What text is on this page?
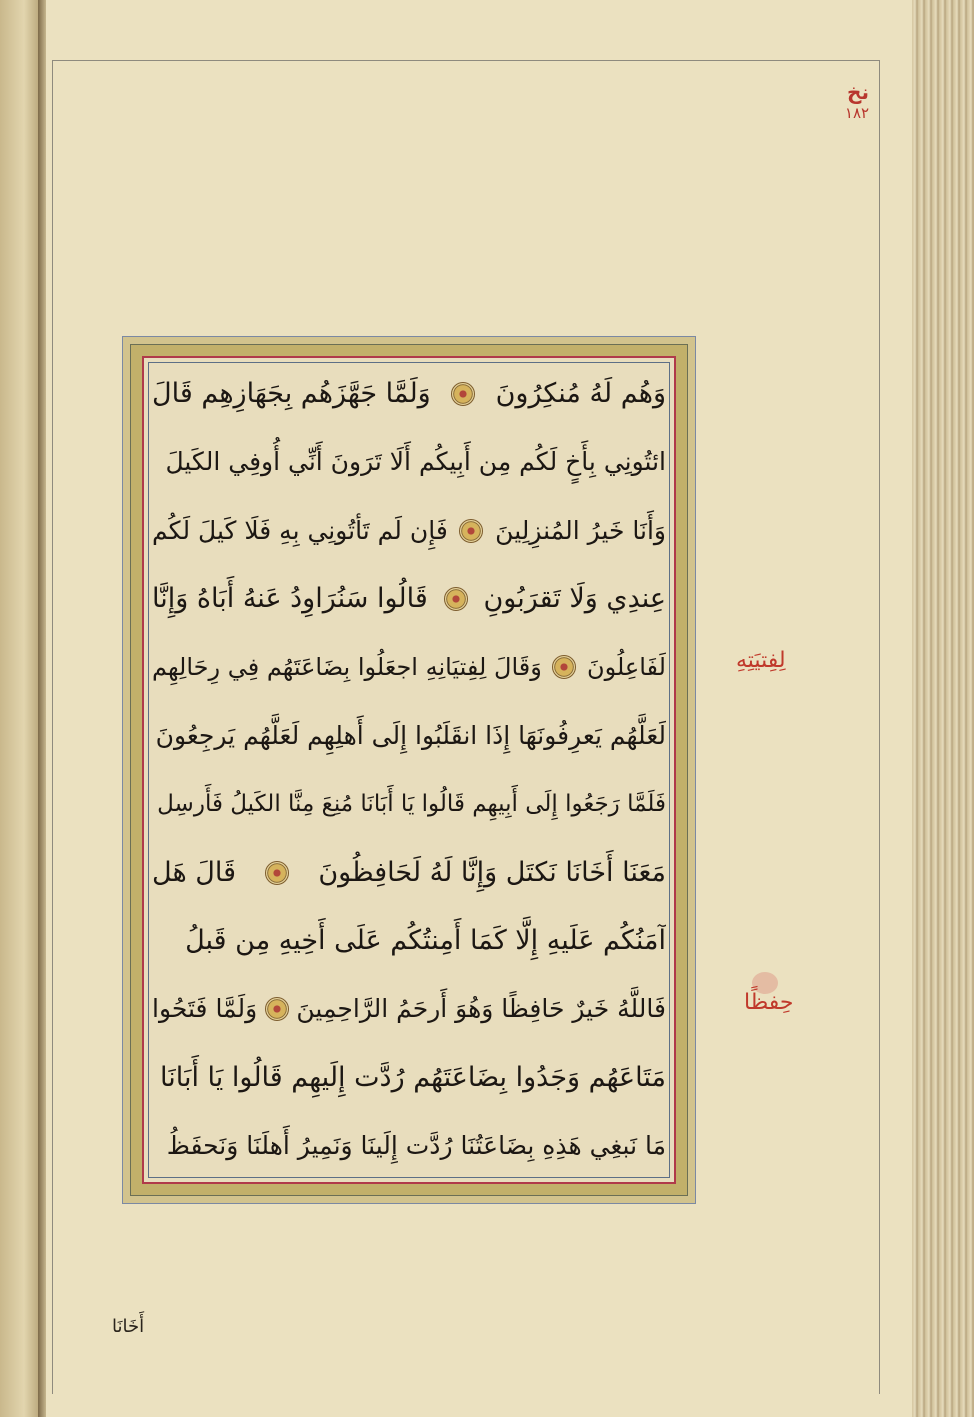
نخ
١٨٢
وَهُم لَهُ مُنكِرُونَ
وَلَمَّا جَهَّزَهُم بِجَهَازِهِم قَالَ
ائتُونِي بِأَخٍ لَكُم مِن أَبِيكُم أَلَا تَرَونَ أَنِّي أُوفِي الكَيلَ
وَأَنَا خَيرُ المُنزِلِينَ
فَإِن لَم تَأتُونِي بِهِ فَلَا كَيلَ لَكُم
عِندِي وَلَا تَقرَبُونِ
قَالُوا سَنُرَاوِدُ عَنهُ أَبَاهُ وَإِنَّا
لَفَاعِلُونَ
وَقَالَ لِفِتيَانِهِ اجعَلُوا بِضَاعَتَهُم فِي رِحَالِهِم
لَعَلَّهُم يَعرِفُونَهَا إِذَا انقَلَبُوا إِلَى أَهلِهِم لَعَلَّهُم يَرجِعُونَ
فَلَمَّا رَجَعُوا إِلَى أَبِيهِم قَالُوا يَا أَبَانَا مُنِعَ مِنَّا الكَيلُ فَأَرسِل
مَعَنَا أَخَانَا نَكتَل وَإِنَّا لَهُ لَحَافِظُونَ
قَالَ هَل
آمَنُكُم عَلَيهِ إِلَّا كَمَا أَمِنتُكُم عَلَى أَخِيهِ مِن قَبلُ
فَاللَّهُ خَيرٌ حَافِظًا وَهُوَ أَرحَمُ الرَّاحِمِينَ
وَلَمَّا فَتَحُوا
مَتَاعَهُم وَجَدُوا بِضَاعَتَهُم رُدَّت إِلَيهِم قَالُوا يَا أَبَانَا
مَا نَبغِي هَذِهِ بِضَاعَتُنَا رُدَّت إِلَينَا وَنَمِيرُ أَهلَنَا وَنَحفَظُ
لِفِتيَتِهِ
حِفظًا
أَخَانَا
